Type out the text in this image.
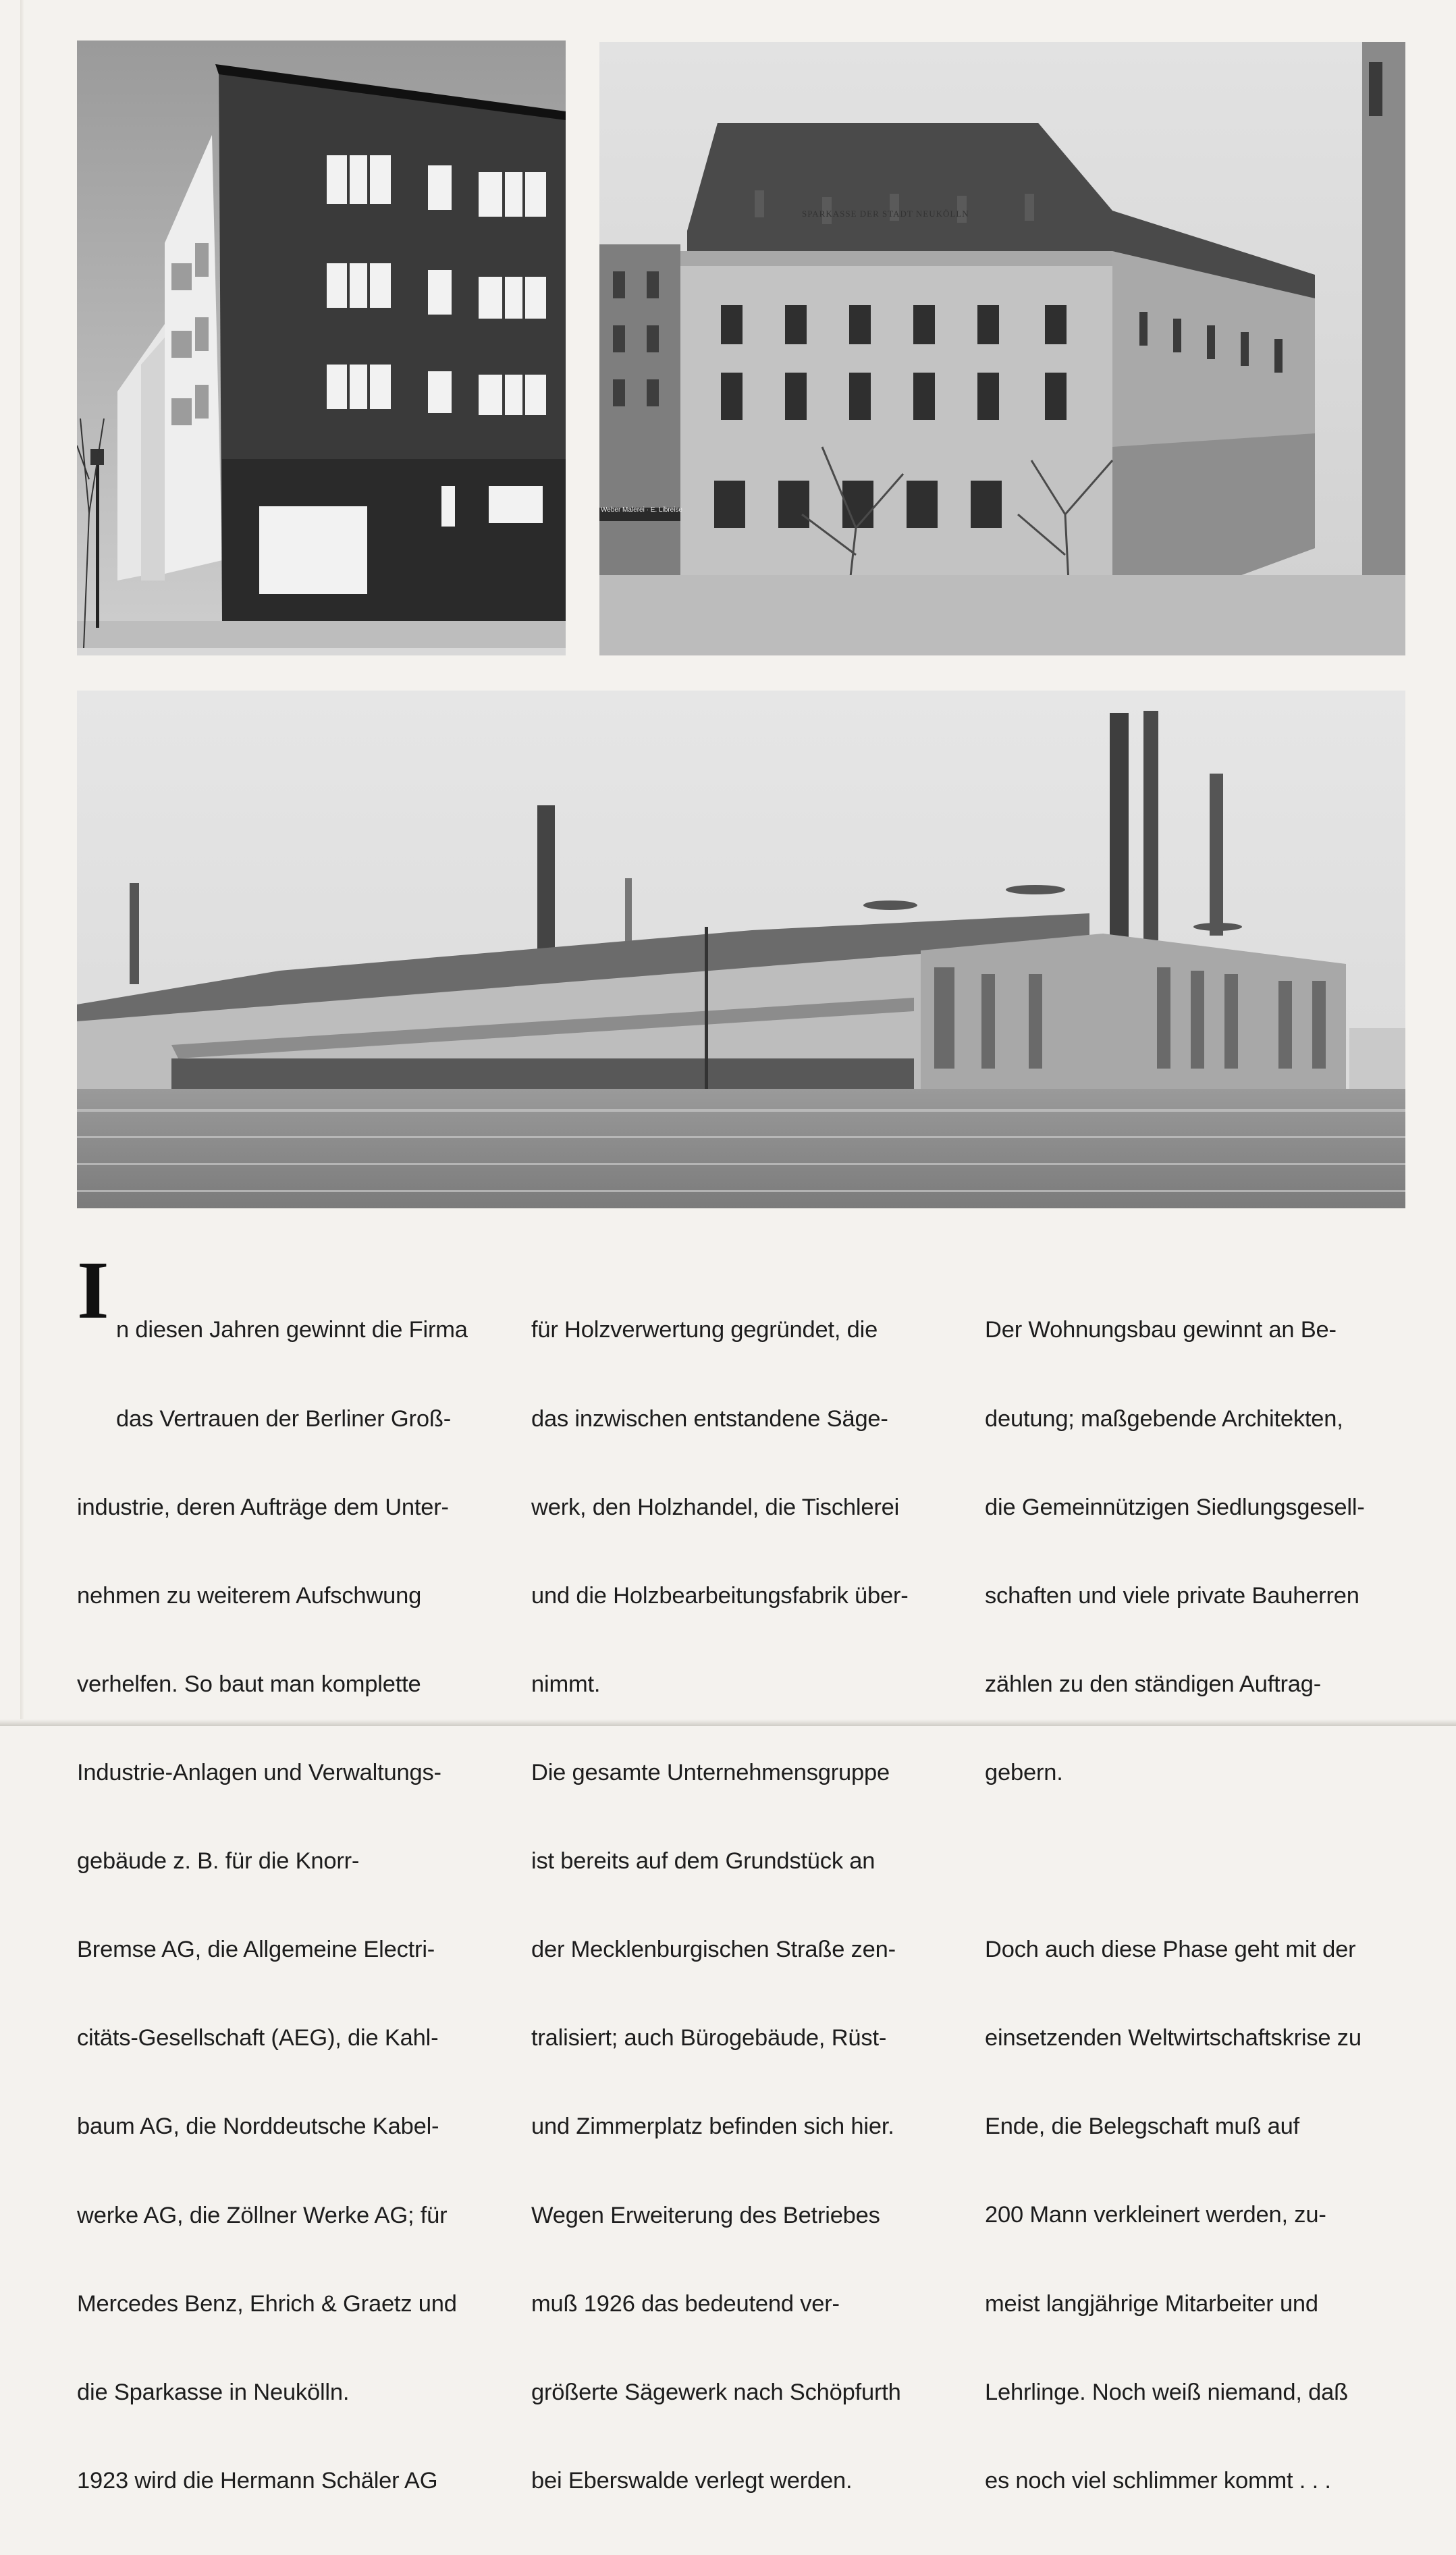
SPARKASSE DER STADT NEUKÖLLN
Weber Malerei · E. Libreise

I

n diesen Jahren gewinnt die Firma

das Vertrauen der Berliner Groß-

industrie, deren Aufträge dem Unter-

nehmen zu weiterem Aufschwung

verhelfen. So baut man komplette

Industrie-Anlagen und Verwaltungs-

gebäude z. B. für die Knorr-

Bremse AG, die Allgemeine Electri-

citäts-Gesellschaft (AEG), die Kahl-

baum AG, die Norddeutsche Kabel-

werke AG, die Zöllner Werke AG; für

Mercedes Benz, Ehrich & Graetz und

die Sparkasse in Neukölln.

1923 wird die Hermann Schäler AG

für Holzverwertung gegründet, die

das inzwischen entstandene Säge-

werk, den Holzhandel, die Tischlerei

und die Holzbearbeitungsfabrik über-

nimmt.

Die gesamte Unternehmensgruppe

ist bereits auf dem Grundstück an

der Mecklenburgischen Straße zen-

tralisiert; auch Bürogebäude, Rüst-

und Zimmerplatz befinden sich hier.

Wegen Erweiterung des Betriebes

muß 1926 das bedeutend ver-

größerte Sägewerk nach Schöpfurth

bei Eberswalde verlegt werden.

Der Wohnungsbau gewinnt an Be-

deutung; maßgebende Architekten,

die Gemeinnützigen Siedlungsgesell-

schaften und viele private Bauherren

zählen zu den ständigen Auftrag-

gebern.

Doch auch diese Phase geht mit der

einsetzenden Weltwirtschaftskrise zu

Ende, die Belegschaft muß auf

200 Mann verkleinert werden, zu-

meist langjährige Mitarbeiter und

Lehrlinge. Noch weiß niemand, daß

es noch viel schlimmer kommt . . .
